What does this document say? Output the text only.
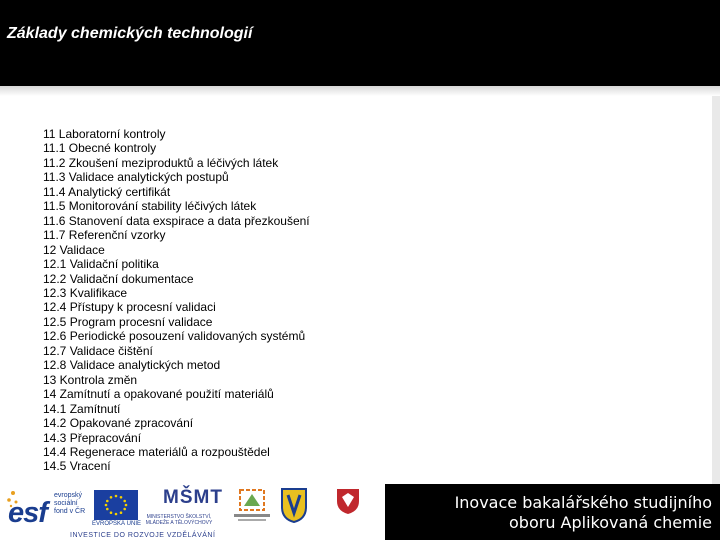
Základy chemických technologií
11 Laboratorní kontroly
11.1 Obecné kontroly
11.2 Zkoušení meziproduktů a léčivých látek
11.3 Validace analytických postupů
11.4 Analytický certifikát
11.5 Monitorování stability léčivých látek
11.6 Stanovení data exspirace a data přezkoušení
11.7 Referenční vzorky
12 Validace
12.1 Validační politika
12.2 Validační dokumentace
12.3 Kvalifikace
12.4 Přístupy k procesní validaci
12.5 Program procesní validace
12.6 Periodické posouzení validovaných systémů
12.7 Validace čištění
12.8 Validace analytických metod
13 Kontrola změn
14 Zamítnutí a opakované použití materiálů
14.1 Zamítnutí
14.2 Opakované zpracování
14.3 Přepracování
14.4 Regenerace materiálů a rozpouštědel
14.5 Vracení
esf
evropský
sociální
fond v ČR
EVROPSKÁ UNIE
MŠMT
MINISTERSTVO ŠKOLSTVÍ, MLÁDEŽE A TĚLOVÝCHOVY
INVESTICE DO ROZVOJE VZDĚLÁVÁNÍ
Inovace bakalářského studijního
oboru Aplikovaná chemie
